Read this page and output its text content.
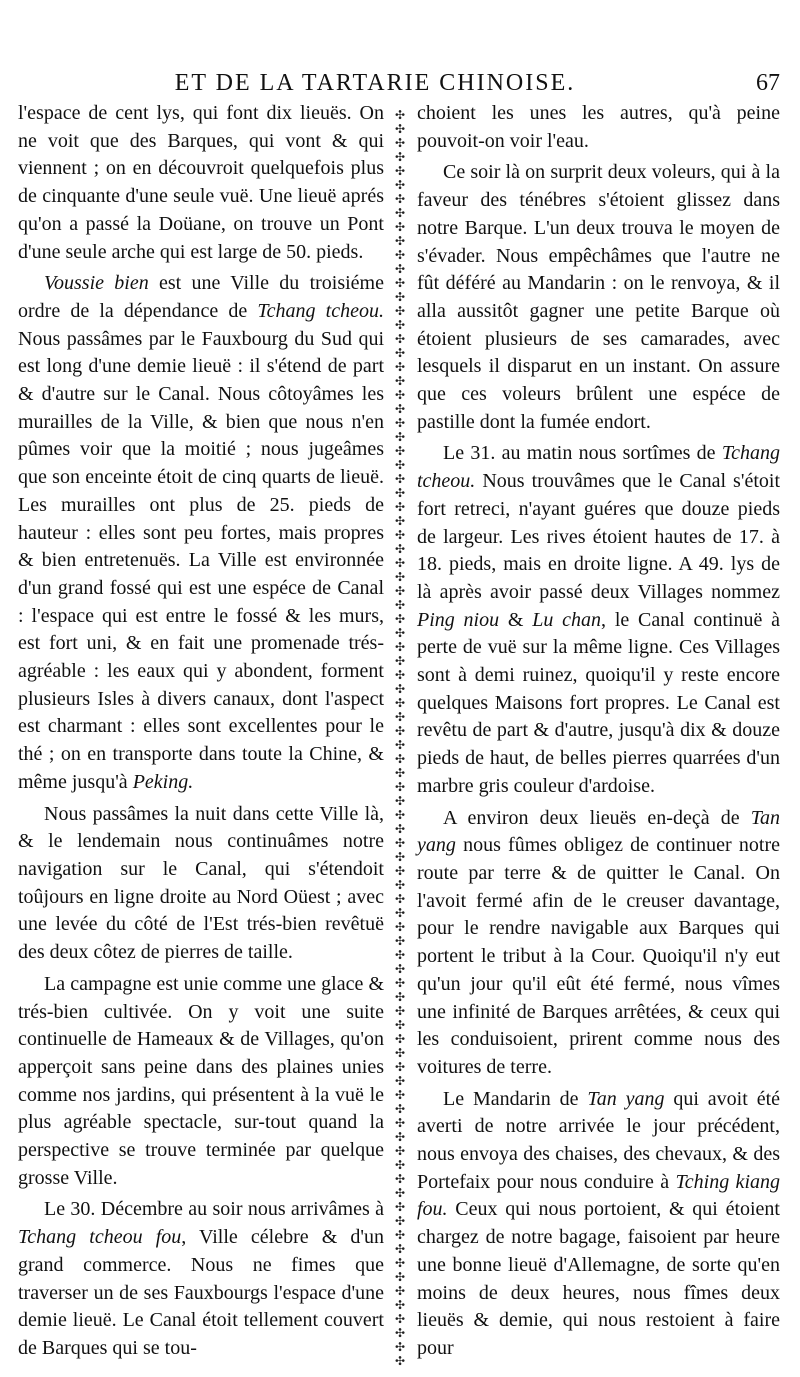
ET DE LA TARTARIE CHINOISE.	67

l'espace de cent lys, qui font dix lieuës. On ne voit que des Barques, qui vont & qui viennent ; on en découvroit quelquefois plus de cinquante d'une seule vuë. Une lieuë aprés qu'on a passé la Doüane, on trouve un Pont d'une seule arche qui est large de 50. pieds.

Voussie bien est une Ville du troisiéme ordre de la dépendance de Tchang tcheou. Nous passâmes par le Fauxbourg du Sud qui est long d'une demie lieuë : il s'étend de part & d'autre sur le Canal. Nous côtoyâmes les murailles de la Ville, & bien que nous n'en pûmes voir que la moitié ; nous jugeâmes que son enceinte étoit de cinq quarts de lieuë. Les murailles ont plus de 25. pieds de hauteur : elles sont peu fortes, mais propres & bien entretenuës. La Ville est environnée d'un grand fossé qui est une espéce de Canal : l'espace qui est entre le fossé & les murs, est fort uni, & en fait une promenade trés-agréable : les eaux qui y abondent, forment plusieurs Isles à divers canaux, dont l'aspect est charmant : elles sont excellentes pour le thé ; on en transporte dans toute la Chine, & même jusqu'à Peking.

Nous passâmes la nuit dans cette Ville là, & le lendemain nous continuâmes notre navigation sur le Canal, qui s'étendoit toûjours en ligne droite au Nord Oüest ; avec une levée du côté de l'Est trés-bien revêtuë des deux côtez de pierres de taille.

La campagne est unie comme une glace & trés-bien cultivée. On y voit une suite continuelle de Hameaux & de Villages, qu'on apperçoit sans peine dans des plaines unies comme nos jardins, qui présentent à la vuë le plus agréable spectacle, sur-tout quand la perspective se trouve terminée par quelque grosse Ville.

Le 30. Décembre au soir nous arrivâmes à Tchang tcheou fou, Ville célebre & d'un grand commerce. Nous ne fimes que traverser un de ses Fauxbourgs l'espace d'une demie lieuë. Le Canal étoit tellement couvert de Barques qui se tou-

✣
✣
✣
✣
✣
✣
✣
✣
✣
✣
✣
✣
✣
✣
✣
✣
✣
✣
✣
✣
✣
✣
✣
✣
✣
✣
✣
✣
✣
✣
✣
✣
✣
✣
✣
✣
✣
✣
✣
✣
✣
✣
✣
✣
✣
✣
✣
✣
✣
✣
✣
✣
✣
✣
✣
✣
✣
✣
✣
✣
✣
✣
✣
✣
✣
✣
✣
✣
✣
✣
✣
✣
✣
✣
✣
✣
✣
✣
✣
✣
✣
✣
✣
✣
✣
✣
✣
✣
✣
✣

choient les unes les autres, qu'à peine pouvoit-on voir l'eau.

Ce soir là on surprit deux voleurs, qui à la faveur des ténébres s'étoient glissez dans notre Barque. L'un deux trouva le moyen de s'évader. Nous empêchâmes que l'autre ne fût déféré au Mandarin : on le renvoya, & il alla aussitôt gagner une petite Barque où étoient plusieurs de ses camarades, avec lesquels il disparut en un instant. On assure que ces voleurs brûlent une espéce de pastille dont la fumée endort.

Le 31. au matin nous sortîmes de Tchang tcheou. Nous trouvâmes que le Canal s'étoit fort retreci, n'ayant guéres que douze pieds de largeur. Les rives étoient hautes de 17. à 18. pieds, mais en droite ligne. A 49. lys de là après avoir passé deux Villages nommez Ping niou & Lu chan, le Canal continuë à perte de vuë sur la même ligne. Ces Villages sont à demi ruinez, quoiqu'il y reste encore quelques Maisons fort propres. Le Canal est revêtu de part & d'autre, jusqu'à dix & douze pieds de haut, de belles pierres quarrées d'un marbre gris couleur d'ardoise.

A environ deux lieuës en-deçà de Tan yang nous fûmes obligez de continuer notre route par terre & de quitter le Canal. On l'avoit fermé afin de le creuser davantage, pour le rendre navigable aux Barques qui portent le tribut à la Cour. Quoiqu'il n'y eut qu'un jour qu'il eût été fermé, nous vîmes une infinité de Barques arrêtées, & ceux qui les conduisoient, prirent comme nous des voitures de terre.

Le Mandarin de Tan yang qui avoit été averti de notre arrivée le jour précédent, nous envoya des chaises, des chevaux, & des Portefaix pour nous conduire à Tching kiang fou. Ceux qui nous portoient, & qui étoient chargez de notre bagage, faisoient par heure une bonne lieuë d'Allemagne, de sorte qu'en moins de deux heures, nous fîmes deux lieuës & demie, qui nous restoient à faire pour
